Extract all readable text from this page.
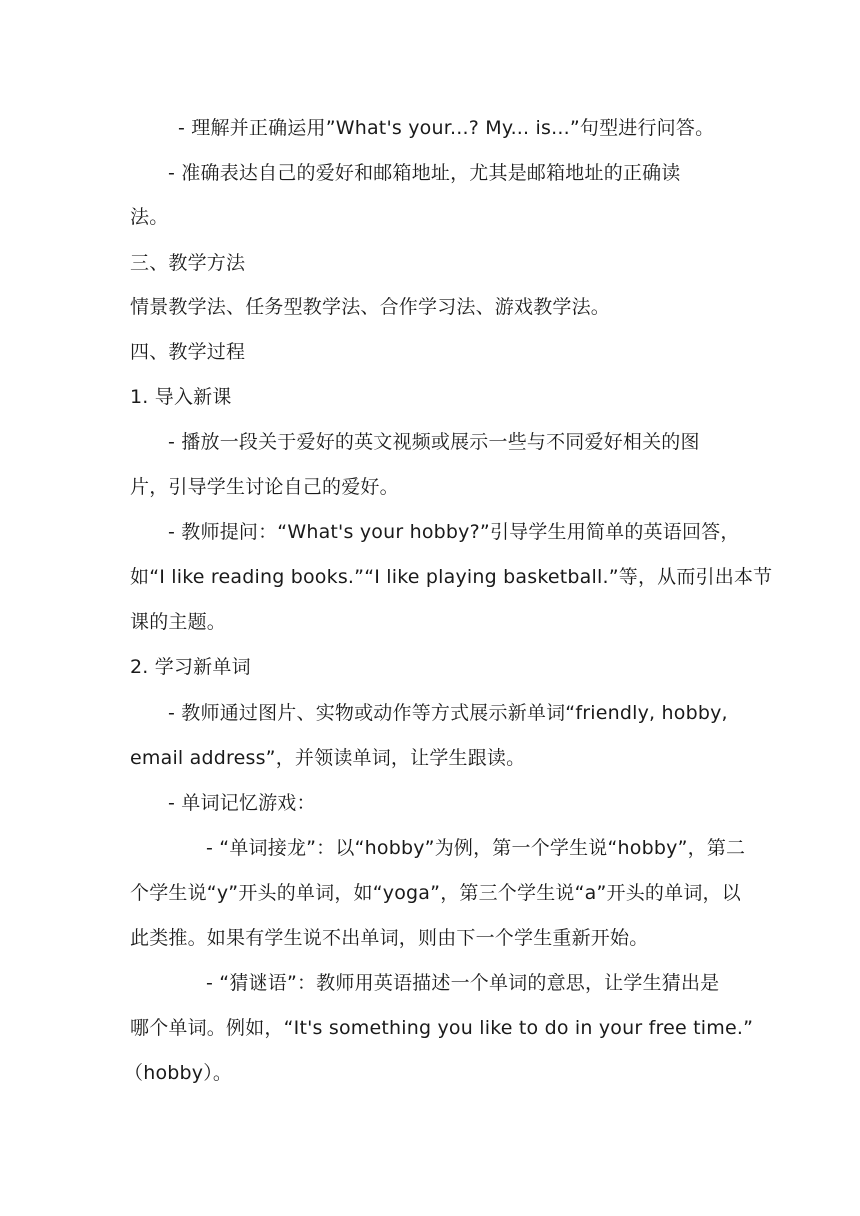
- 理解并正确运用”What's your...? My... is...”句型进行问答。
- 准确表达自己的爱好和邮箱地址，尤其是邮箱地址的正确读
法。
三、教学方法
情景教学法、任务型教学法、合作学习法、游戏教学法。
四、教学过程
1. 导入新课
- 播放一段关于爱好的英文视频或展示一些与不同爱好相关的图
片，引导学生讨论自己的爱好。
- 教师提问：“What's your hobby?”引导学生用简单的英语回答，
如“I like reading books.”“I like playing basketball.”等，从而引出本节
课的主题。
2. 学习新单词
- 教师通过图片、实物或动作等方式展示新单词“friendly, hobby,
email address”，并领读单词，让学生跟读。
- 单词记忆游戏：
- “单词接龙”：以“hobby”为例，第一个学生说“hobby”，第二
个学生说“y”开头的单词，如“yoga”，第三个学生说“a”开头的单词，以
此类推。如果有学生说不出单词，则由下一个学生重新开始。
- “猜谜语”：教师用英语描述一个单词的意思，让学生猜出是
哪个单词。例如，“It's something you like to do in your free time.”
（hobby）。
